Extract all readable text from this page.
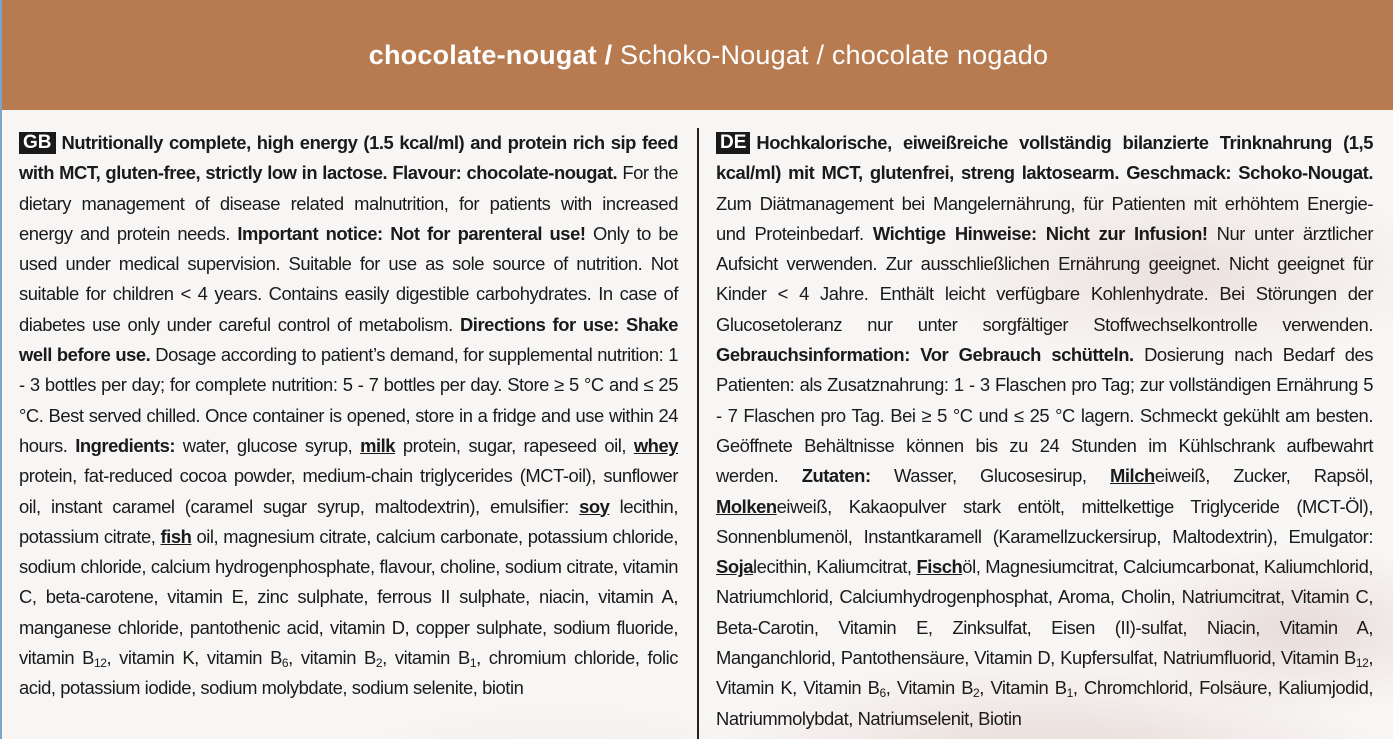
chocolate-nougat / Schoko-Nougat / chocolate nogado
GB Nutritionally complete, high energy (1.5 kcal/ml) and protein rich sip feed with MCT, gluten-free, strictly low in lactose. Flavour: chocolate-nougat. For the dietary management of disease related malnutrition, for patients with increased energy and protein needs. Important notice: Not for parenteral use! Only to be used under medical supervision. Suitable for use as sole source of nutrition. Not suitable for children < 4 years. Contains easily digestible carbohydrates. In case of diabetes use only under careful control of metabolism. Directions for use: Shake well before use. Dosage according to patient’s demand, for supplemental nutrition: 1 - 3 bottles per day; for complete nutrition: 5 - 7 bottles per day. Store ≥ 5 °C and ≤ 25 °C. Best served chilled. Once container is opened, store in a fridge and use within 24 hours. Ingredients: water, glucose syrup, milk protein, sugar, rapeseed oil, whey protein, fat-reduced cocoa powder, medium-chain triglycerides (MCT-oil), sunflower oil, instant caramel (caramel sugar syrup, maltodextrin), emulsifier: soy lecithin, potassium citrate, fish oil, magnesium citrate, calcium carbonate, potassium chloride, sodium chloride, calcium hydrogenphosphate, flavour, choline, sodium citrate, vitamin C, beta-carotene, vitamin E, zinc sulphate, ferrous II sulphate, niacin, vitamin A, manganese chloride, pantothenic acid, vitamin D, copper sulphate, sodium fluoride, vitamin $B_{12}$, vitamin K, vitamin $B_6$, vitamin $B_2$, vitamin $B_1$, chromium chloride, folic acid, potassium iodide, sodium molybdate, sodium selenite, biotin
DE Hochkalorische, eiweißreiche vollständig bilanzierte Trinknahrung (1,5 kcal/ml) mit MCT, glutenfrei, streng laktosearm. Geschmack: Schoko-Nougat. Zum Diätmanagement bei Mangelernährung, für Patienten mit erhöhtem Energie- und Proteinbedarf. Wichtige Hinweise: Nicht zur Infusion! Nur unter ärztlicher Aufsicht verwenden. Zur ausschließlichen Ernährung geeignet. Nicht geeignet für Kinder < 4 Jahre. Enthält leicht verfügbare Kohlenhydrate. Bei Störungen der Glucosetoleranz nur unter sorgfältiger Stoffwechselkontrolle verwenden. Gebrauchsinformation: Vor Gebrauch schütteln. Dosierung nach Bedarf des Patienten: als Zusatznahrung: 1 - 3 Flaschen pro Tag; zur vollständigen Ernährung 5 - 7 Flaschen pro Tag. Bei ≥ 5 °C und ≤ 25 °C lagern. Schmeckt gekühlt am besten. Geöffnete Behältnisse können bis zu 24 Stunden im Kühlschrank aufbewahrt werden. Zutaten: Wasser, Glucosesirup, Milcheiweiß, Zucker, Rapsöl, Molkeneiweiß, Kakaopulver stark entölt, mittelkettige Triglyceride (MCT-Öl), Sonnenblumenöl, Instantkaramell (Karamellzuckersirup, Maltodextrin), Emulgator: Sojalecithin, Kaliumcitrat, Fischöl, Magnesiumcitrat, Calciumcarbonat, Kaliumchlorid, Natriumchlorid, Calciumhydrogenphosphat, Aroma, Cholin, Natriumcitrat, Vitamin C, Beta-Carotin, Vitamin E, Zinksulfat, Eisen (II)-sulfat, Niacin, Vitamin A, Manganchlorid, Pantothensäure, Vitamin D, Kupfersulfat, Natriumfluorid, Vitamin $B_{12}$, Vitamin K, Vitamin $B_6$, Vitamin $B_2$, Vitamin $B_1$, Chromchlorid, Folsäure, Kaliumjodid, Natriummolybdat, Natriumselenit, Biotin
